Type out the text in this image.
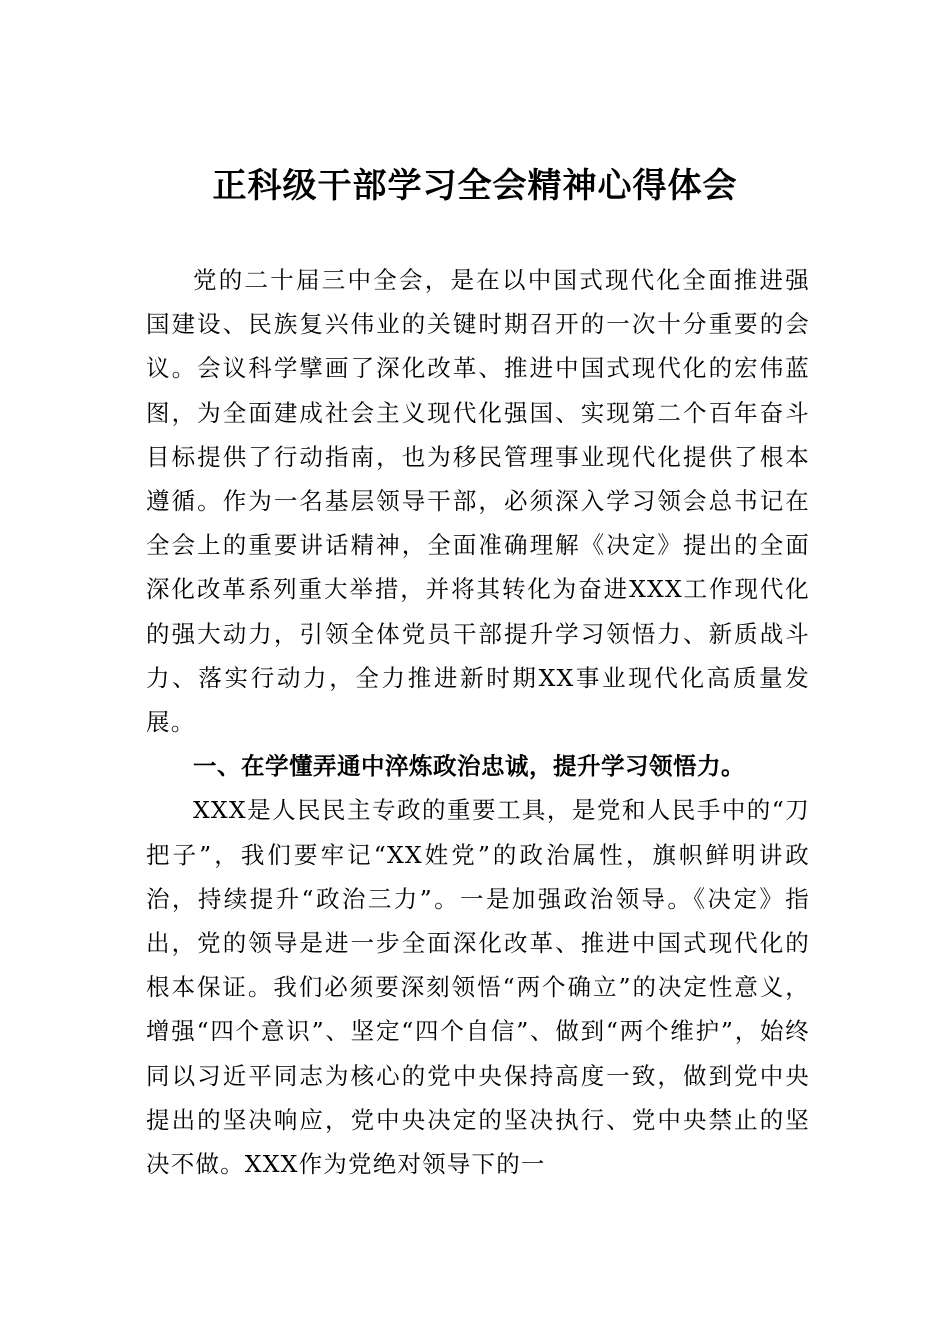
正科级干部学习全会精神心得体会

党的二十届三中全会，是在以中国式现代化全面推进强国建设、民族复兴伟业的关键时期召开的一次十分重要的会议。会议科学擘画了深化改革、推进中国式现代化的宏伟蓝图，为全面建成社会主义现代化强国、实现第二个百年奋斗目标提供了行动指南，也为移民管理事业现代化提供了根本遵循。作为一名基层领导干部，必须深入学习领会总书记在全会上的重要讲话精神，全面准确理解《决定》提出的全面深化改革系列重大举措，并将其转化为奋进XXX工作现代化的强大动力，引领全体党员干部提升学习领悟力、新质战斗力、落实行动力，全力推进新时期XX事业现代化高质量发展。

一、在学懂弄通中淬炼政治忠诚，提升学习领悟力。

XXX是人民民主专政的重要工具，是党和人民手中的“刀把子”，我们要牢记“XX姓党”的政治属性，旗帜鲜明讲政治，持续提升“政治三力”。一是加强政治领导。《决定》指出，党的领导是进一步全面深化改革、推进中国式现代化的根本保证。我们必须要深刻领悟“两个确立”的决定性意义，增强“四个意识”、坚定“四个自信”、做到“两个维护”，始终同以习近平同志为核心的党中央保持高度一致，做到党中央提出的坚决响应，党中央决定的坚决执行、党中央禁止的坚决不做。XXX作为党绝对领导下的一
